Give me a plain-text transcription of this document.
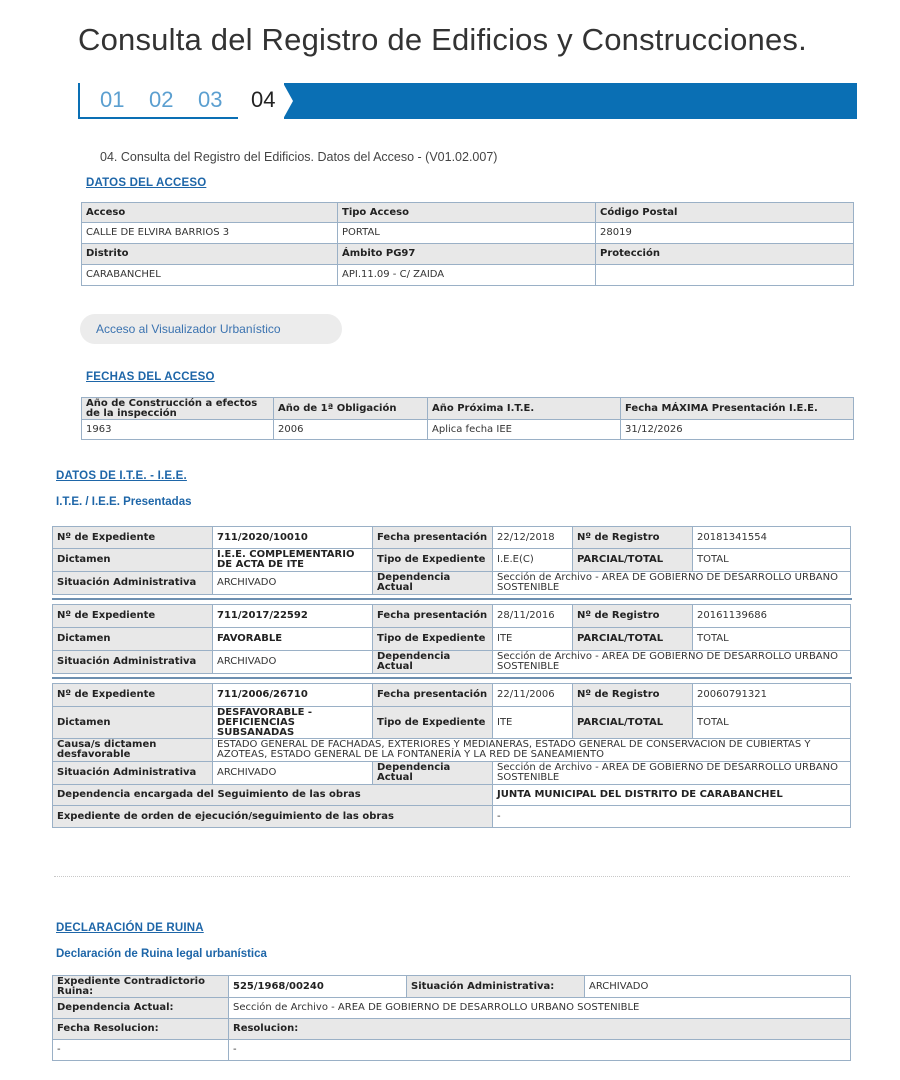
Consulta del Registro de Edificios y Construcciones.
01 02 03 04
04. Consulta del Registro del Edificios. Datos del Acceso - (V01.02.007)
DATOS DEL ACCESO
Acceso	Tipo Acceso	Código Postal
CALLE DE ELVIRA BARRIOS 3	PORTAL	28019
Distrito	Ámbito PG97	Protección
CARABANCHEL	API.11.09 - C/ ZAIDA	
Acceso al Visualizador Urbanístico
FECHAS DEL ACCESO
Año de Construcción a efectos de la inspección	Año de 1ª Obligación	Año Próxima I.T.E.	Fecha MÁXIMA Presentación I.E.E.
1963	2006	Aplica fecha IEE	31/12/2026
DATOS DE I.T.E. - I.E.E.
I.T.E. / I.E.E. Presentadas
Nº de Expediente	711/2020/10010	Fecha presentación	22/12/2018	Nº de Registro	20181341554
Dictamen	I.E.E. COMPLEMENTARIO DE ACTA DE ITE	Tipo de Expediente	I.E.E(C)	PARCIAL/TOTAL	TOTAL
Situación Administrativa	ARCHIVADO	Dependencia Actual	Sección de Archivo - AREA DE GOBIERNO DE DESARROLLO URBANO SOSTENIBLE		
Nº de Expediente	711/2017/22592	Fecha presentación	28/11/2016	Nº de Registro	20161139686
Dictamen	FAVORABLE	Tipo de Expediente	ITE	PARCIAL/TOTAL	TOTAL
Situación Administrativa	ARCHIVADO	Dependencia Actual	Sección de Archivo - AREA DE GOBIERNO DE DESARROLLO URBANO SOSTENIBLE		
Nº de Expediente	711/2006/26710	Fecha presentación	22/11/2006	Nº de Registro	20060791321
Dictamen	DESFAVORABLE - DEFICIENCIAS SUBSANADAS	Tipo de Expediente	ITE	PARCIAL/TOTAL	TOTAL
Causa/s dictamen desfavorable	ESTADO GENERAL DE FACHADAS, EXTERIORES Y MEDIANERAS, ESTADO GENERAL DE CONSERVACIÓN DE CUBIERTAS Y AZOTEAS, ESTADO GENERAL DE LA FONTANERÍA Y LA RED DE SANEAMIENTO				
Situación Administrativa	ARCHIVADO	Dependencia Actual	Sección de Archivo - AREA DE GOBIERNO DE DESARROLLO URBANO SOSTENIBLE		
Dependencia encargada del Seguimiento de las obras			JUNTA MUNICIPAL DEL DISTRITO DE CARABANCHEL		
Expediente de orden de ejecución/seguimiento de las obras			-		
DECLARACIÓN DE RUINA
Declaración de Ruina legal urbanística
Expediente Contradictorio Ruina:	525/1968/00240	Situación Administrativa:	ARCHIVADO
Dependencia Actual:	Sección de Archivo - AREA DE GOBIERNO DE DESARROLLO URBANO SOSTENIBLE		
Fecha Resolucion:	Resolucion:		
-	-		
